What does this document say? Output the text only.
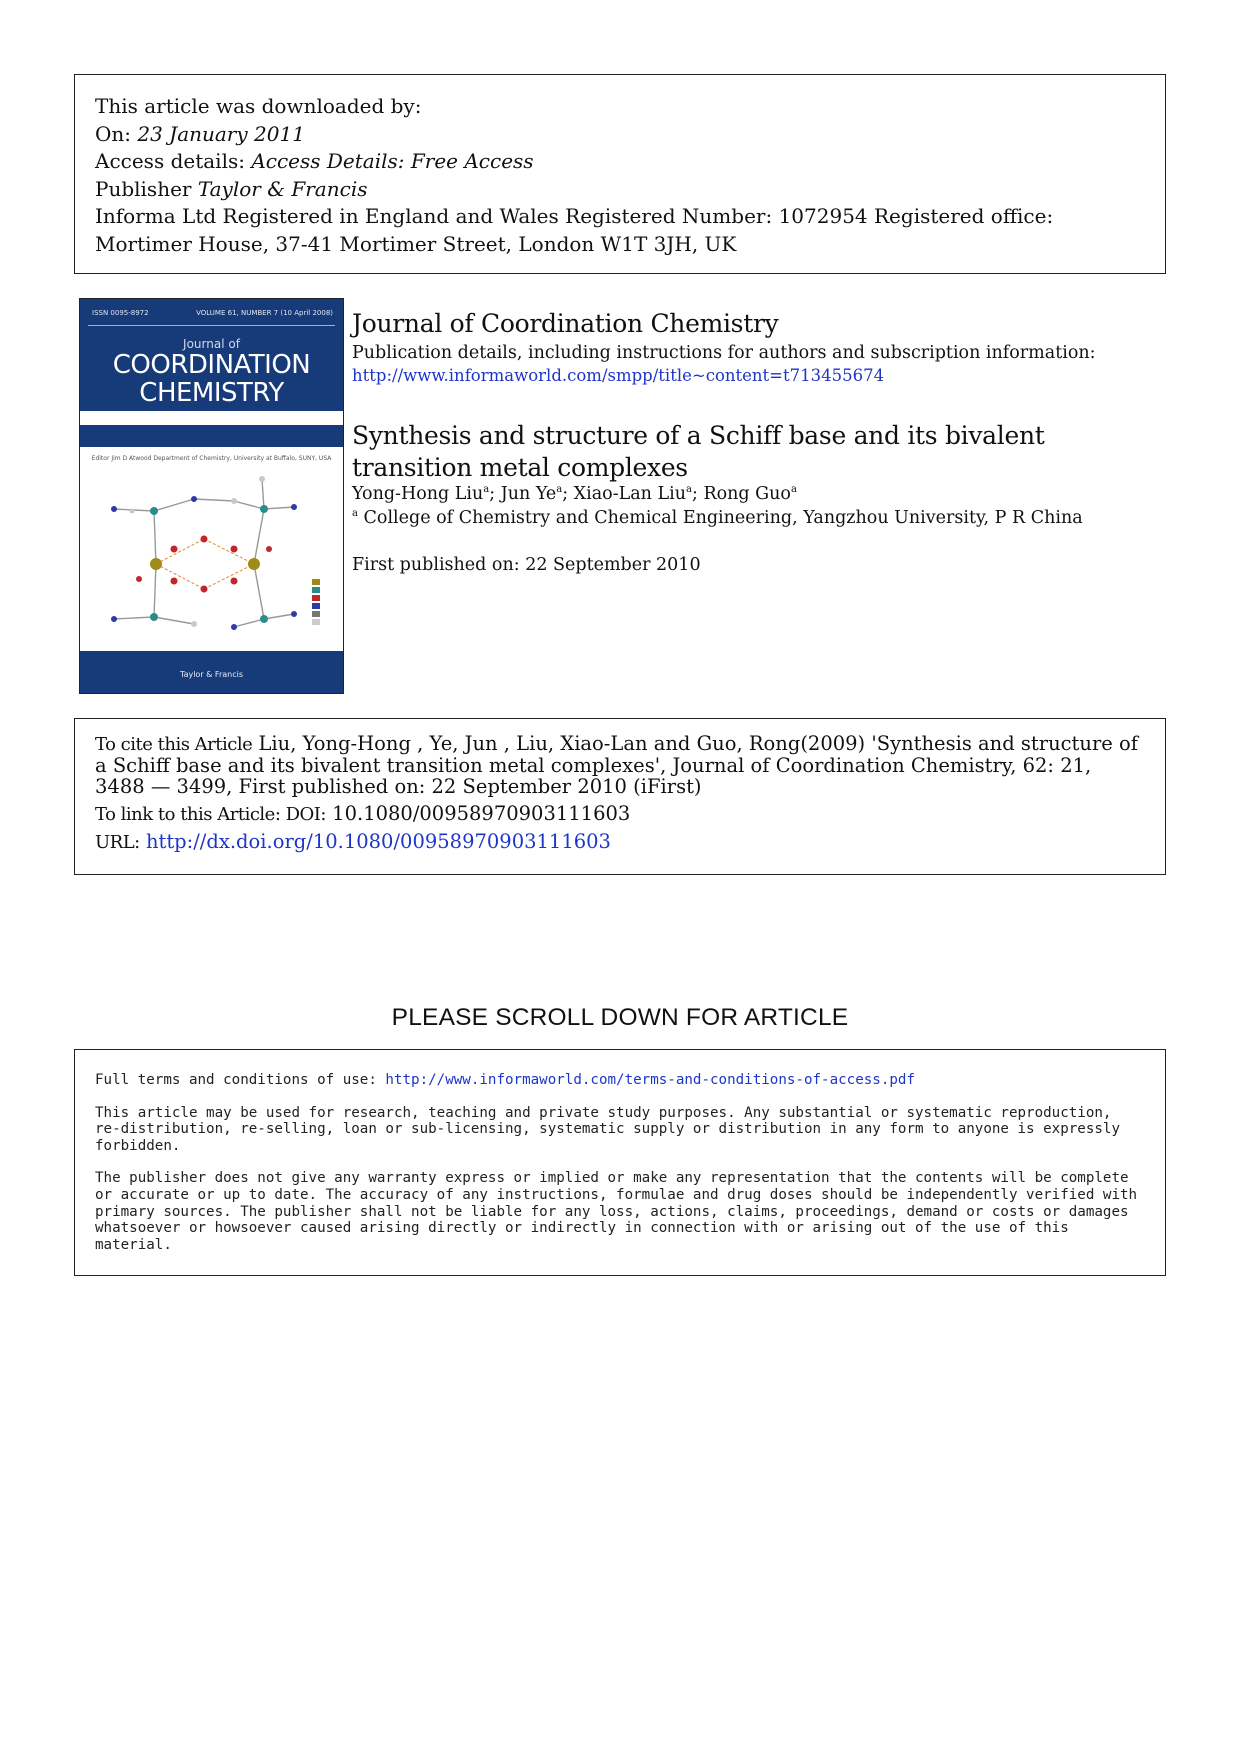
This article was downloaded by:
On: 23 January 2011
Access details: Access Details: Free Access
Publisher Taylor & Francis
Informa Ltd Registered in England and Wales Registered Number: 1072954 Registered office: Mortimer House, 37-41 Mortimer Street, London W1T 3JH, UK
ISSN 0095-8972	VOLUME 61, NUMBER 7 (10 April 2008)
Journal of
COORDINATION
CHEMISTRY
Editor Jim D Atwood Department of Chemistry, University at Buffalo, SUNY, USA
Taylor & Francis
Journal of Coordination Chemistry
Publication details, including instructions for authors and subscription information:
http://www.informaworld.com/smpp/title~content=t713455674
Synthesis and structure of a Schiff base and its bivalent transition metal complexes
Yong-Hong Liu$^a$; Jun Ye$^a$; Xiao-Lan Liu$^a$; Rong Guo$^a$
$^a$ College of Chemistry and Chemical Engineering, Yangzhou University, P R China
First published on: 22 September 2010
To cite this Article Liu, Yong-Hong , Ye, Jun , Liu, Xiao-Lan and Guo, Rong(2009) 'Synthesis and structure of a Schiff base and its bivalent transition metal complexes', Journal of Coordination Chemistry, 62: 21, 3488 — 3499, First published on: 22 September 2010 (iFirst)
To link to this Article: DOI: 10.1080/00958970903111603
URL: http://dx.doi.org/10.1080/00958970903111603
PLEASE SCROLL DOWN FOR ARTICLE

Full terms and conditions of use: http://www.informaworld.com/terms-and-conditions-of-access.pdf

This article may be used for research, teaching and private study purposes. Any substantial or systematic reproduction, re-distribution, re-selling, loan or sub-licensing, systematic supply or distribution in any form to anyone is expressly forbidden.

The publisher does not give any warranty express or implied or make any representation that the contents will be complete or accurate or up to date. The accuracy of any instructions, formulae and drug doses should be independently verified with primary sources. The publisher shall not be liable for any loss, actions, claims, proceedings, demand or costs or damages whatsoever or howsoever caused arising directly or indirectly in connection with or arising out of the use of this material.
